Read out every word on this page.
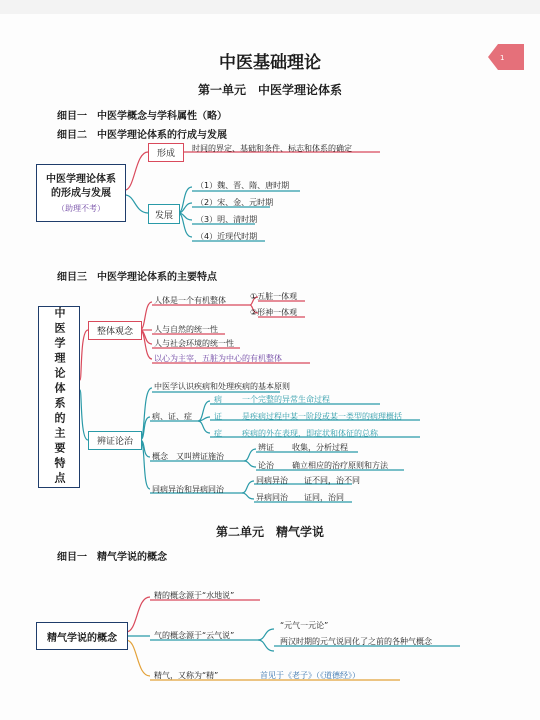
1
中医基础理论
第一单元　中医学理论体系
细目一　中医学概念与学科属性（略）
细目二　中医学理论体系的行成与发展
中医学理论体系的形成与发展
（助理不考）
形成
时间的界定、基础和条件、标志和体系的确定
发展
（1）魏、晋、隋、唐时期
（2）宋、金、元时期
（3）明、清时期
（4）近现代时期
细目三　中医学理论体系的主要特点
中医学理论体系的主要特点	整体观念
人体是一个有机整体	①五脏一体观
②形神一体观
人与自然的统一性
人与社会环境的统一性
以心为主宰，五脏为中心的有机整体
辨证论治
中医学认识疾病和处理疾病的基本原则
病、证、症
病	一个完整的异常生命过程
证	是疾病过程中某一阶段或某一类型的病理概括
症	疾病的外在表现，即症状和体征的总称
概念 又叫辨证施治
辨证 收集，分析过程
论治 确立相应的治疗原则和方法
同病异治和异病同治
同病异治 证不同，治不同
异病同治 证同，治同
第二单元　精气学说
细目一　精气学说的概念
精气学说的概念
精的概念源于“水地说”
气的概念源于“云气说”
“元气一元论”
两汉时期的元气说同化了之前的各种气概念
精气，又称为“精”	首见于《老子》（《道德经》）
